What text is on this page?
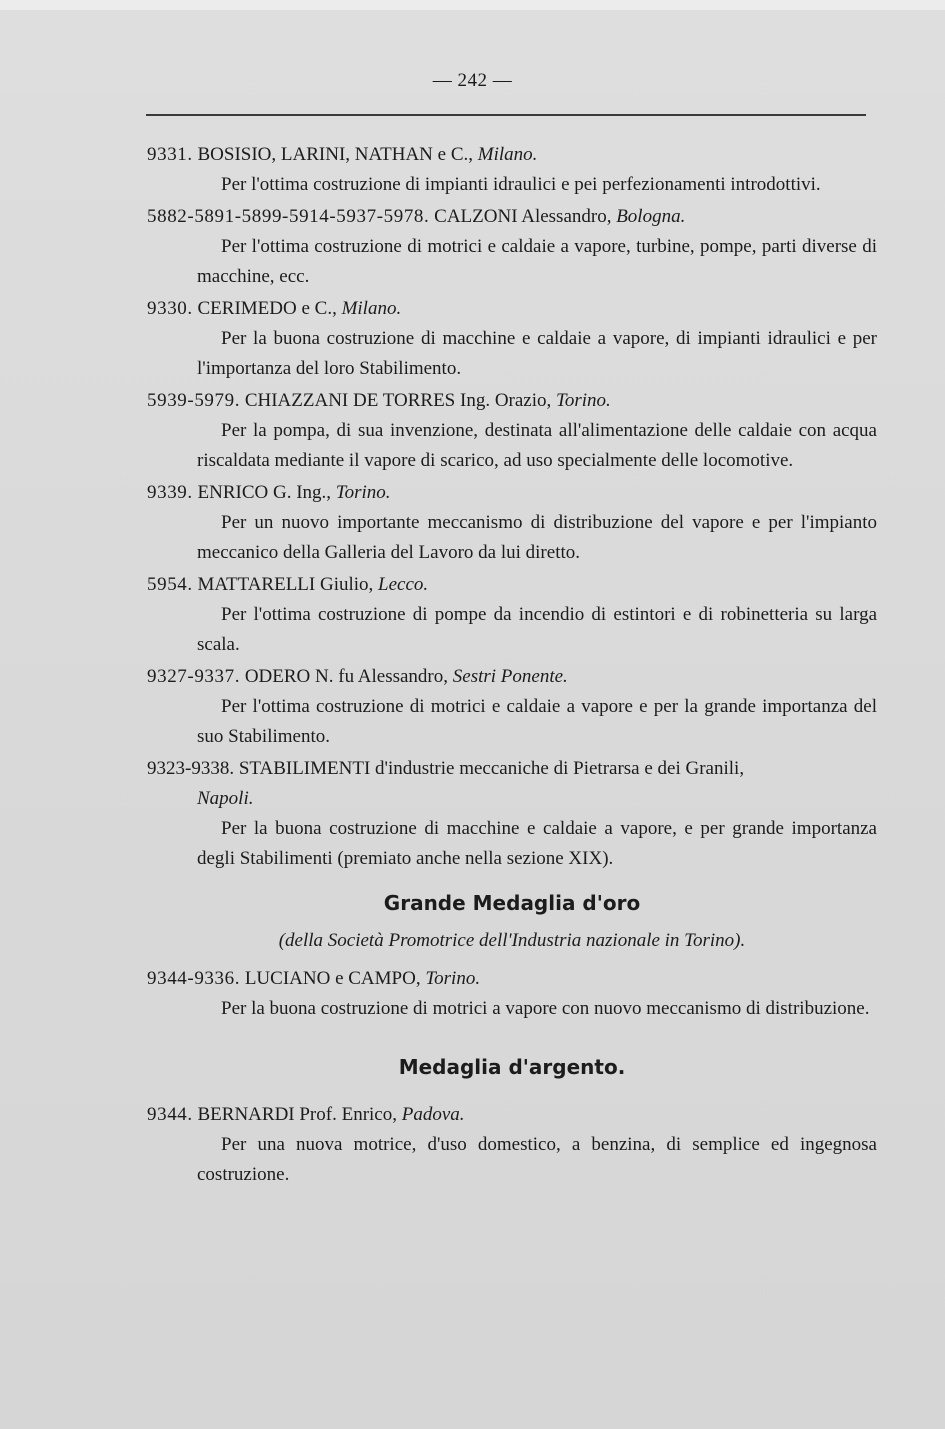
— 242 —
9331. BOSISIO, LARINI, NATHAN e C., Milano.
Per l'ottima costruzione di impianti idraulici e pei perfezionamenti introdottivi.
5882-5891-5899-5914-5937-5978. CALZONI Alessandro, Bologna.
Per l'ottima costruzione di motrici e caldaie a vapore, turbine, pompe, parti diverse di macchine, ecc.
9330. CERIMEDO e C., Milano.
Per la buona costruzione di macchine e caldaie a vapore, di impianti idraulici e per l'importanza del loro Stabilimento.
5939-5979. CHIAZZANI DE TORRES Ing. Orazio, Torino.
Per la pompa, di sua invenzione, destinata all'alimentazione delle caldaie con acqua riscaldata mediante il vapore di scarico, ad uso specialmente delle locomotive.
9339. ENRICO G. Ing., Torino.
Per un nuovo importante meccanismo di distribuzione del vapore e per l'impianto meccanico della Galleria del Lavoro da lui diretto.
5954. MATTARELLI Giulio, Lecco.
Per l'ottima costruzione di pompe da incendio di estintori e di robinetteria su larga scala.
9327-9337. ODERO N. fu Alessandro, Sestri Ponente.
Per l'ottima costruzione di motrici e caldaie a vapore e per la grande importanza del suo Stabilimento.
9323-9338. STABILIMENTI d'industrie meccaniche di Pietrarsa e dei Granili,
Napoli.
Per la buona costruzione di macchine e caldaie a vapore, e per grande importanza degli Stabilimenti (premiato anche nella sezione XIX).
Grande Medaglia d'oro
(della Società Promotrice dell'Industria nazionale in Torino).
9344-9336. LUCIANO e CAMPO, Torino.
Per la buona costruzione di motrici a vapore con nuovo meccanismo di distribuzione.
Medaglia d'argento.
9344. BERNARDI Prof. Enrico, Padova.
Per una nuova motrice, d'uso domestico, a benzina, di semplice ed ingegnosa costruzione.
